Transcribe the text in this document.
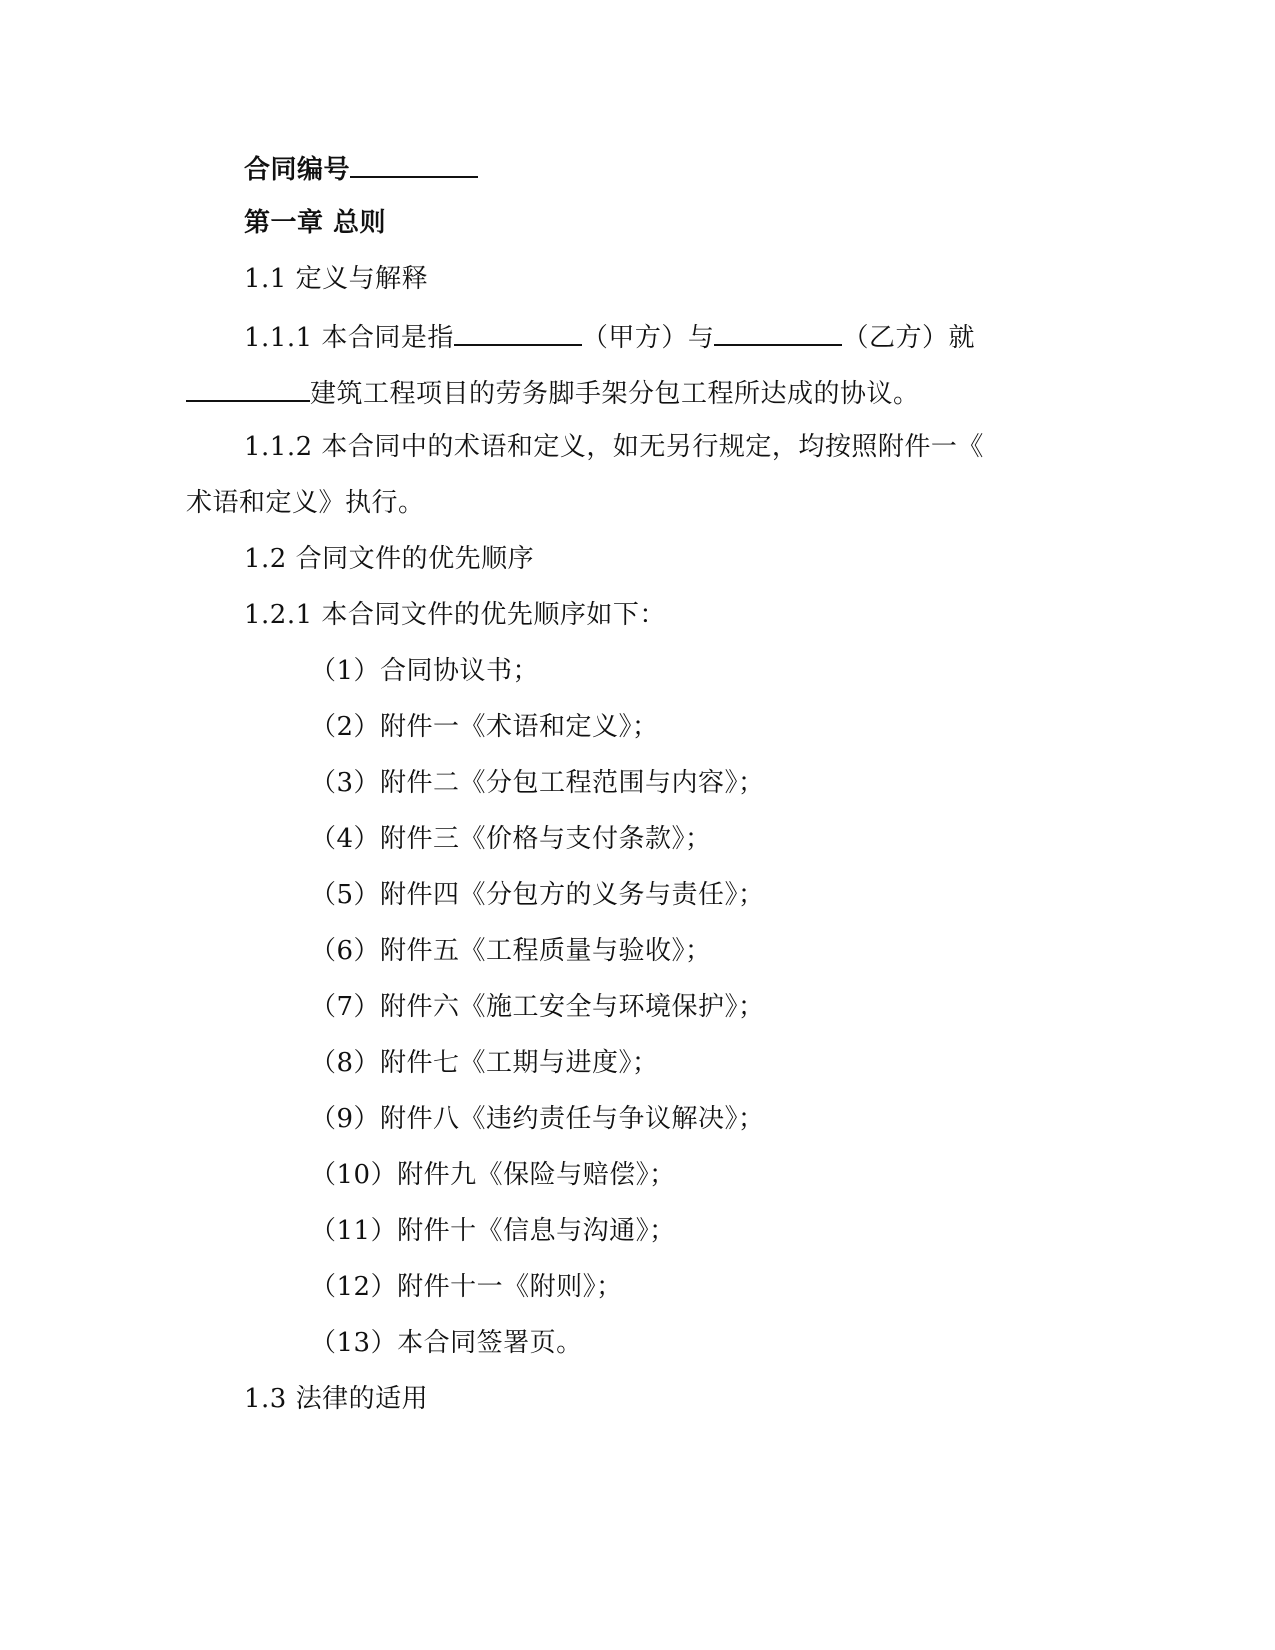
合同编号
第一章 总则
1.1 定义与解释
1.1.1 本合同是指	（甲方）与	（乙方）就
建筑工程项目的劳务脚手架分包工程所达成的协议。
1.1.2 本合同中的术语和定义，如无另行规定，均按照附件一《
术语和定义》执行。
1.2 合同文件的优先顺序
1.2.1 本合同文件的优先顺序如下：
（1）合同协议书；
（2）附件一《术语和定义》；
（3）附件二《分包工程范围与内容》；
（4）附件三《价格与支付条款》；
（5）附件四《分包方的义务与责任》；
（6）附件五《工程质量与验收》；
（7）附件六《施工安全与环境保护》；
（8）附件七《工期与进度》；
（9）附件八《违约责任与争议解决》；
（10）附件九《保险与赔偿》；
（11）附件十《信息与沟通》；
（12）附件十一《附则》；
（13）本合同签署页。
1.3 法律的适用
